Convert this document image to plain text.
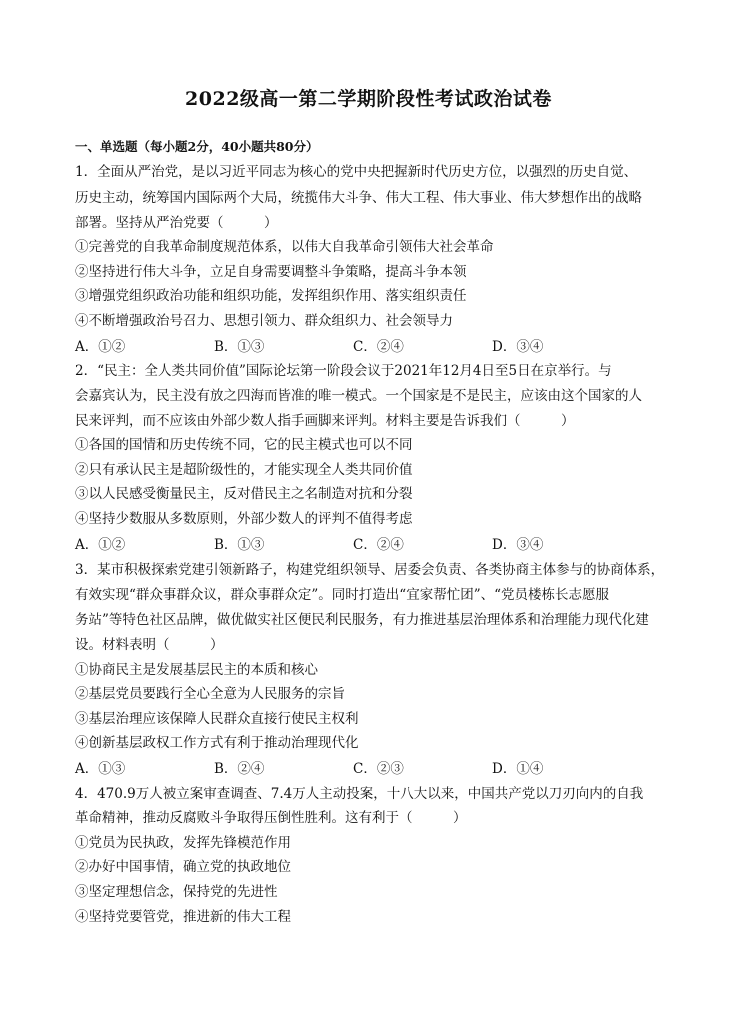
2022级高一第二学期阶段性考试政治试卷
一、单选题（每小题2分，40小题共80分）
1．全面从严治党，是以习近平同志为核心的党中央把握新时代历史方位，以强烈的历史自觉、
历史主动，统筹国内国际两个大局，统揽伟大斗争、伟大工程、伟大事业、伟大梦想作出的战略
部署。坚持从严治党要（　　　）
①完善党的自我革命制度规范体系，以伟大自我革命引领伟大社会革命
②坚持进行伟大斗争，立足自身需要调整斗争策略，提高斗争本领
③增强党组织政治功能和组织功能，发挥组织作用、落实组织责任
④不断增强政治号召力、思想引领力、群众组织力、社会领导力
A．①②	B．①③	C．②④	D．③④
2．“民主：全人类共同价值”国际论坛第一阶段会议于2021年12月4日至5日在京举行。与
会嘉宾认为，民主没有放之四海而皆准的唯一模式。一个国家是不是民主，应该由这个国家的人
民来评判，而不应该由外部少数人指手画脚来评判。材料主要是告诉我们（　　　）
①各国的国情和历史传统不同，它的民主模式也可以不同
②只有承认民主是超阶级性的，才能实现全人类共同价值
③以人民感受衡量民主，反对借民主之名制造对抗和分裂
④坚持少数服从多数原则，外部少数人的评判不值得考虑
A．①②	B．①③	C．②④	D．③④
3．某市积极探索党建引领新路子，构建党组织领导、居委会负责、各类协商主体参与的协商体系，
有效实现“群众事群众议，群众事群众定”。同时打造出“宜家帮忙团”、“党员楼栋长志愿服
务站”等特色社区品牌，做优做实社区便民利民服务，有力推进基层治理体系和治理能力现代化建
设。材料表明（　　　）
①协商民主是发展基层民主的本质和核心
②基层党员要践行全心全意为人民服务的宗旨
③基层治理应该保障人民群众直接行使民主权利
④创新基层政权工作方式有利于推动治理现代化
A．①③	B．②④	C．②③	D．①④
4．470.9万人被立案审查调查、7.4万人主动投案，十八大以来，中国共产党以刀刃向内的自我
革命精神，推动反腐败斗争取得压倒性胜利。这有利于（　　　）
①党员为民执政，发挥先锋模范作用
②办好中国事情，确立党的执政地位
③坚定理想信念，保持党的先进性
④坚持党要管党，推进新的伟大工程
